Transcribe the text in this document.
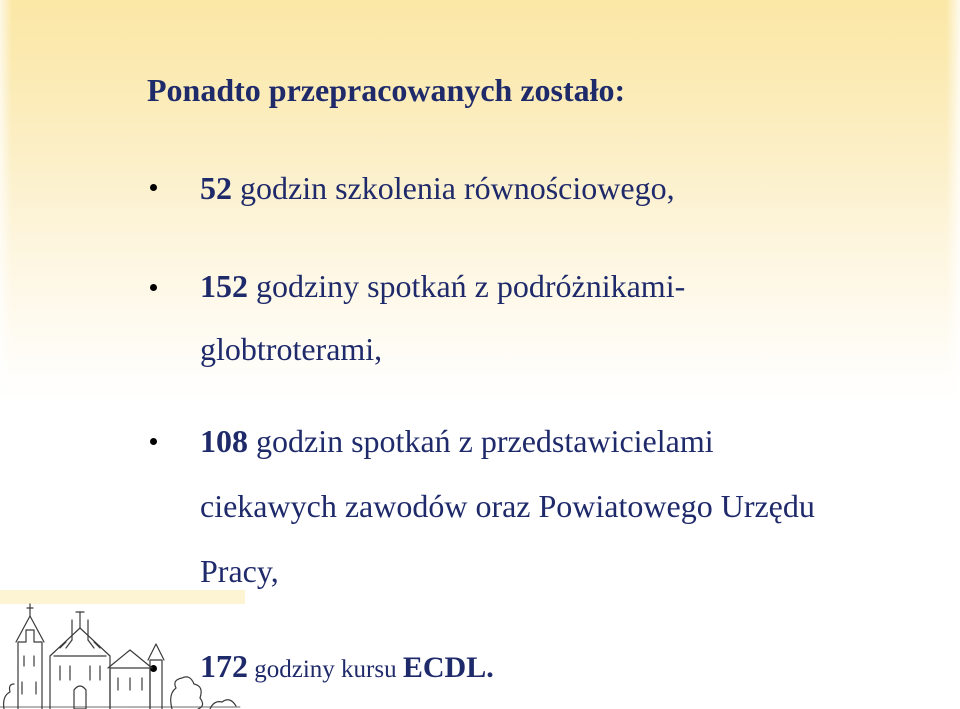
Ponadto przepracowanych zostało:
52 godzin szkolenia równościowego,
152 godziny spotkań z podróżnikami-
globtroterami,
108 godzin spotkań z przedstawicielami
ciekawych zawodów oraz Powiatowego Urzędu
Pracy,
172 godziny kursu ECDL.
